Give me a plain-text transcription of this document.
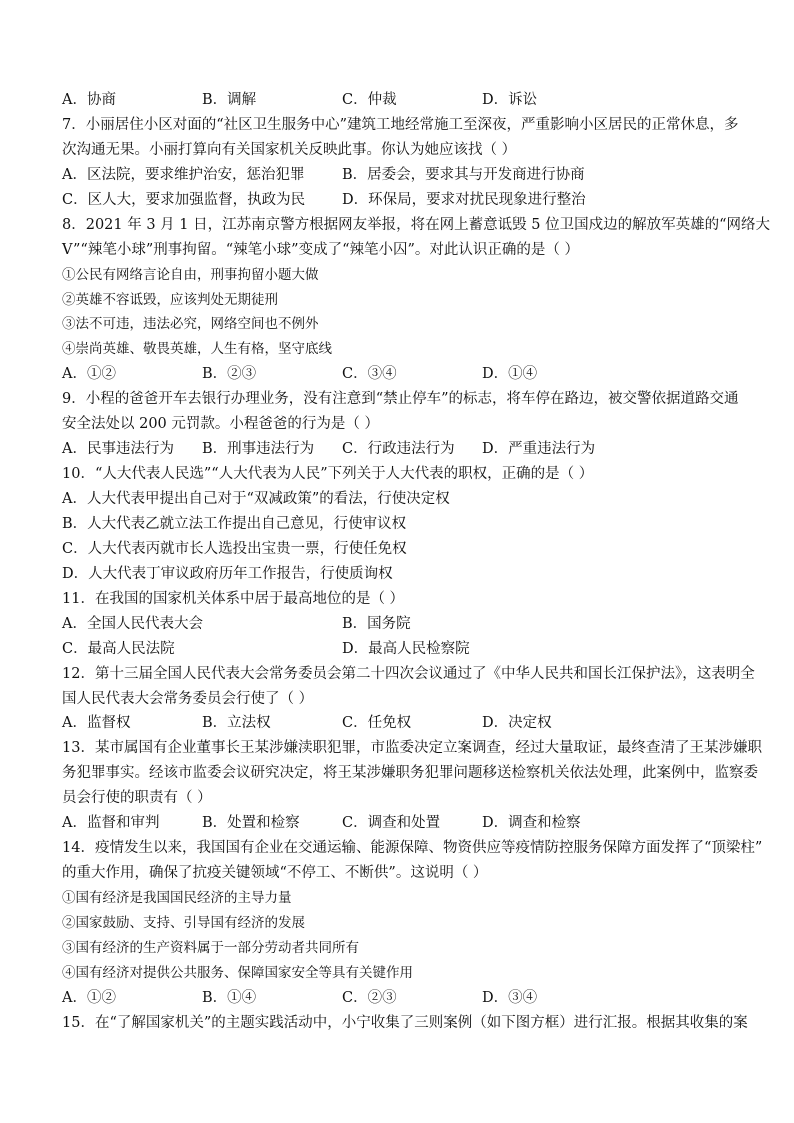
A．协商	B．调解	C．仲裁	D．诉讼
7．小丽居住小区对面的“社区卫生服务中心”建筑工地经常施工至深夜，严重影响小区居民的正常休息，多
次沟通无果。小丽打算向有关国家机关反映此事。你认为她应该找（ ）
A．区法院，要求维护治安，惩治犯罪	B．居委会，要求其与开发商进行协商
C．区人大，要求加强监督，执政为民	D．环保局，要求对扰民现象进行整治
8．2021 年 3 月 1 日，江苏南京警方根据网友举报，将在网上蓄意诋毁 5 位卫国戍边的解放军英雄的“网络大
V”“辣笔小球”刑事拘留。“辣笔小球”变成了“辣笔小囚”。对此认识正确的是（ ）
①公民有网络言论自由，刑事拘留小题大做
②英雄不容诋毁，应该判处无期徒刑
③法不可违，违法必究，网络空间也不例外
④崇尚英雄、敬畏英雄，人生有格，坚守底线
A．①②	B．②③	C．③④	D．①④
9．小程的爸爸开车去银行办理业务，没有注意到“禁止停车”的标志，将车停在路边，被交警依据道路交通
安全法处以 200 元罚款。小程爸爸的行为是（ ）
A．民事违法行为	B．刑事违法行为	C．行政违法行为	D．严重违法行为
10．“人大代表人民选”“人大代表为人民”下列关于人大代表的职权，正确的是（ ）
A．人大代表甲提出自己对于“双减政策”的看法，行使决定权
B．人大代表乙就立法工作提出自己意见，行使审议权
C．人大代表丙就市长人选投出宝贵一票，行使任免权
D．人大代表丁审议政府历年工作报告，行使质询权
11．在我国的国家机关体系中居于最高地位的是（ ）
A．全国人民代表大会	B．国务院
C．最高人民法院	D．最高人民检察院
12．第十三届全国人民代表大会常务委员会第二十四次会议通过了《中华人民共和国长江保护法》，这表明全
国人民代表大会常务委员会行使了（ ）
A．监督权	B．立法权	C．任免权	D．决定权
13．某市属国有企业董事长王某涉嫌渎职犯罪，市监委决定立案调查，经过大量取证，最终查清了王某涉嫌职
务犯罪事实。经该市监委会议研究决定，将王某涉嫌职务犯罪问题移送检察机关依法处理，此案例中，监察委
员会行使的职责有（ ）
A．监督和审判	B．处置和检察	C．调查和处置	D．调查和检察
14．疫情发生以来，我国国有企业在交通运输、能源保障、物资供应等疫情防控服务保障方面发挥了“顶梁柱”
的重大作用，确保了抗疫关键领域“不停工、不断供”。这说明（ ）
①国有经济是我国国民经济的主导力量
②国家鼓励、支持、引导国有经济的发展
③国有经济的生产资料属于一部分劳动者共同所有
④国有经济对提供公共服务、保障国家安全等具有关键作用
A．①②	B．①④	C．②③	D．③④
15．在“了解国家机关”的主题实践活动中，小宁收集了三则案例（如下图方框）进行汇报。根据其收集的案
